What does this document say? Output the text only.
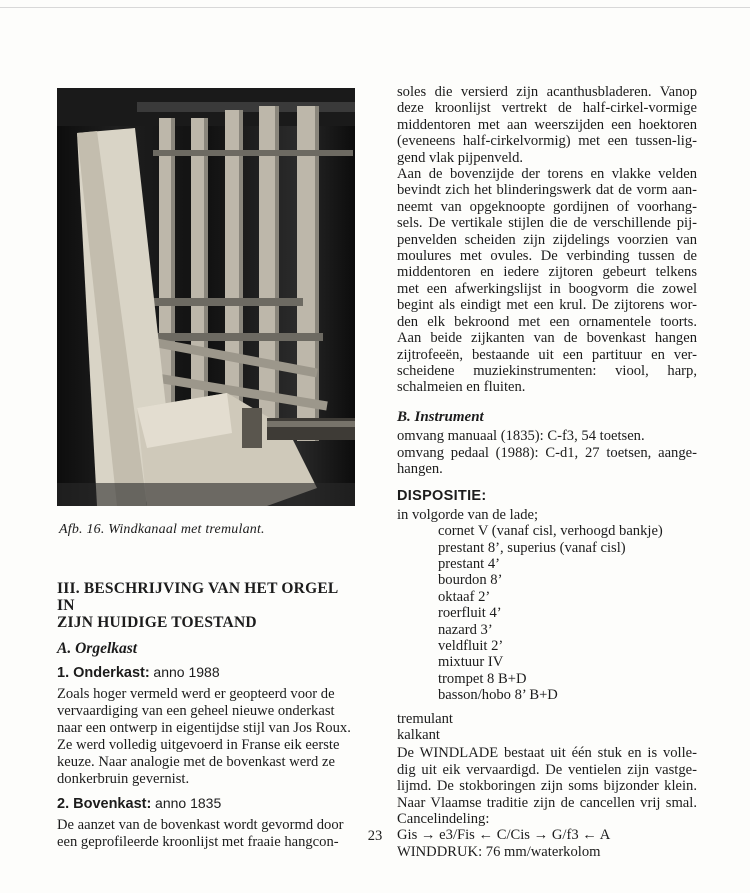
Afb. 16. Windkanaal met tremulant.
III. BESCHRIJVING VAN HET ORGEL IN
ZIJN HUIDIGE TOESTAND
A. Orgelkast
1. Onderkast: anno 1988
Zoals hoger vermeld werd er geopteerd voor de
vervaardiging van een geheel nieuwe onderkast
naar een ontwerp in eigentijdse stijl van Jos Roux.
Ze werd volledig uitgevoerd in Franse eik eerste
keuze. Naar analogie met de bovenkast werd ze
donkerbruin gevernist.
2. Bovenkast: anno 1835
De aanzet van de bovenkast wordt gevormd door
een geprofileerde kroonlijst met fraaie hangcon-
soles die versierd zijn acanthusbladeren. Vanop
deze kroonlijst vertrekt de half-cirkel-vormige
middentoren met aan weerszijden een hoektoren
(eveneens half-cirkelvormig) met een tussen-lig-
gend vlak pijpenveld.
Aan de bovenzijde der torens en vlakke velden
bevindt zich het blinderingswerk dat de vorm aan-
neemt van opgeknoopte gordijnen of voorhang-
sels. De vertikale stijlen die de verschillende pij-
penvelden scheiden zijn zijdelings voorzien van
moulures met ovules. De verbinding tussen de
middentoren en iedere zijtoren gebeurt telkens
met een afwerkingslijst in boogvorm die zowel
begint als eindigt met een krul. De zijtorens wor-
den elk bekroond met een ornamentele toorts.
Aan beide zijkanten van de bovenkast hangen
zijtrofeeën, bestaande uit een partituur en ver-
scheidene muziekinstrumenten: viool, harp,
schalmeien en fluiten.
B. Instrument
omvang manuaal (1835): C-f3, 54 toetsen.
omvang pedaal (1988): C-d1, 27 toetsen, aange-
hangen.
DISPOSITIE:
in volgorde van de lade;
cornet V (vanaf cisl, verhoogd bankje)
prestant 8’, superius (vanaf cisl)
prestant 4’
bourdon 8’
oktaaf 2’
roerfluit 4’
nazard 3’
veldfluit 2’
mixtuur IV
trompet 8 B+D
basson/hobo 8’ B+D
tremulant
kalkant
De WINDLADE bestaat uit één stuk en is volle-
dig uit eik vervaardigd. De ventielen zijn vastge-
lijmd. De stokboringen zijn soms bijzonder klein.
Naar Vlaamse traditie zijn de cancellen vrij smal.
Cancelindeling:
Gis → e3/Fis ← C/Cis → G/f3 ← A
WINDDRUK: 76 mm/waterkolom
23
